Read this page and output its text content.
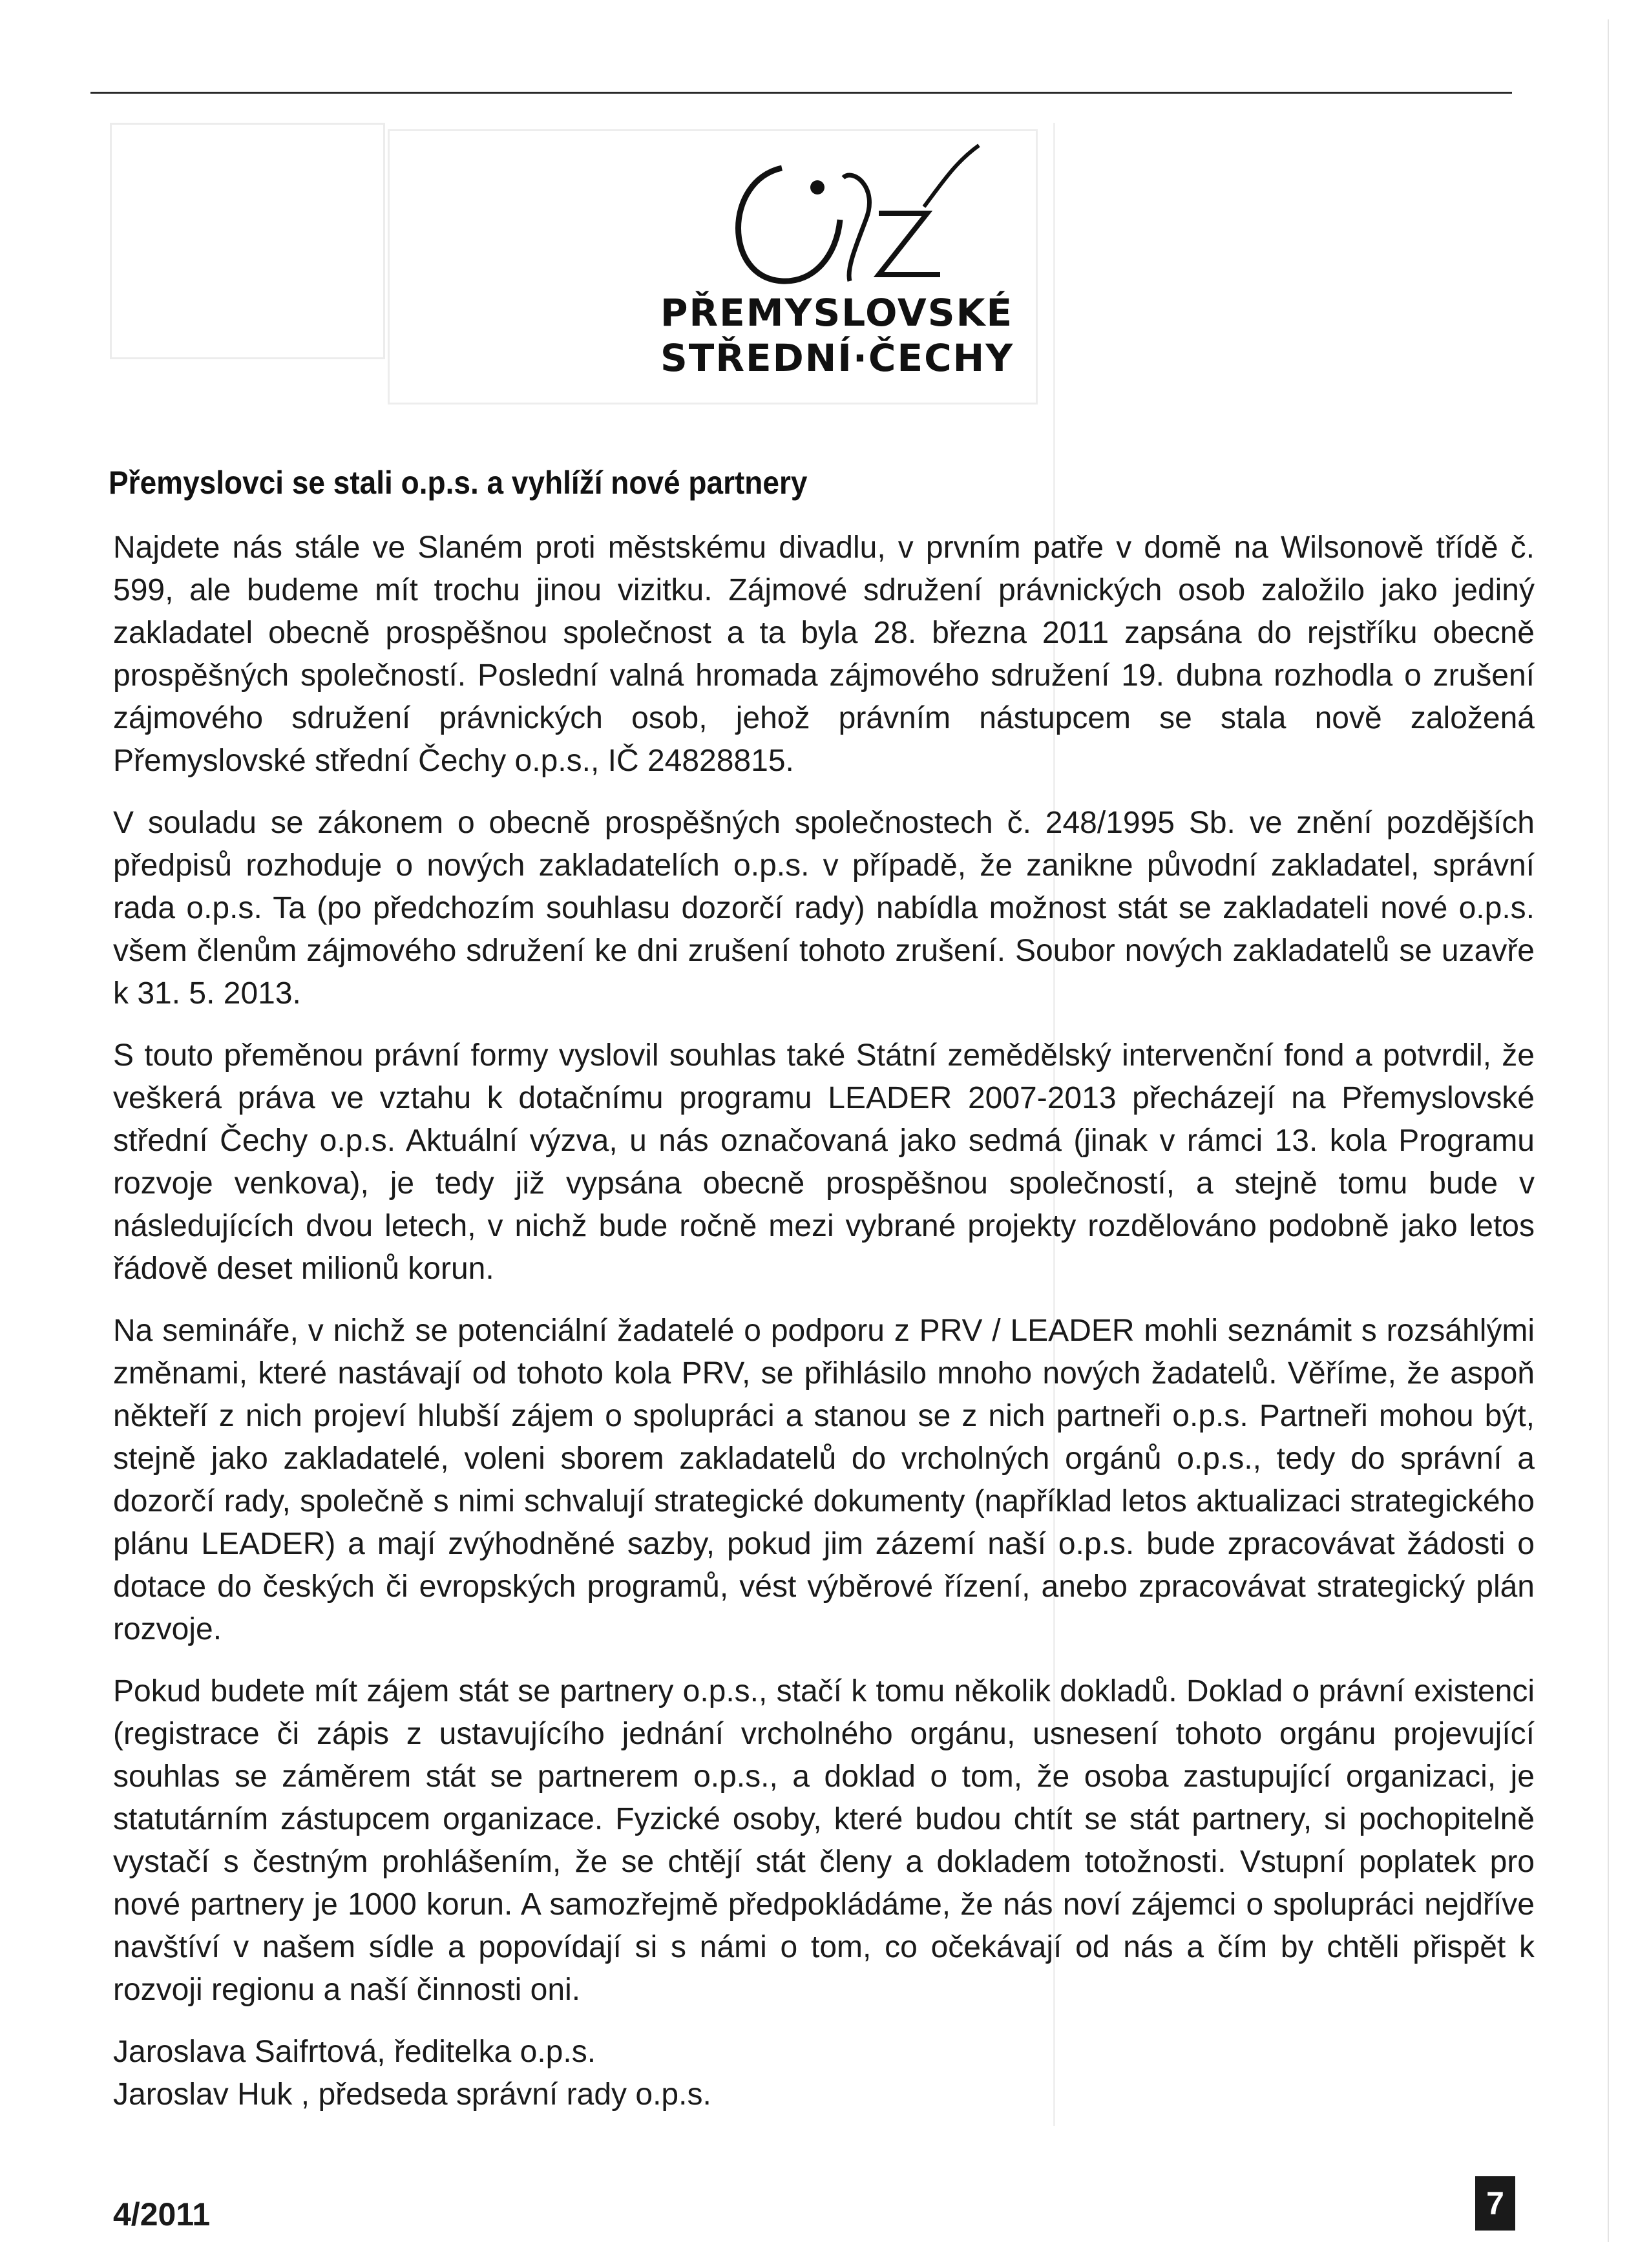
PŘEMYSLOVSKÉ
STŘEDNÍ·ČECHY
Přemyslovci se stali o.p.s. a vyhlíží nové partnery

Najdete nás stále ve Slaném proti městskému divadlu, v prvním patře v domě na Wilsonově třídě č. 599, ale budeme mít trochu jinou vizitku. Zájmové sdružení právnických osob založilo jako jediný zakladatel obecně prospěšnou společnost a ta byla 28. března 2011 zapsána do rejstříku obecně prospěšných společností. Poslední valná hromada zájmového sdružení 19. dubna rozhodla o zrušení zájmového sdružení právnických osob, jehož právním nástupcem se stala nově založená Přemyslovské střední Čechy o.p.s., IČ 24828815.

V souladu se zákonem o obecně prospěšných společnostech č. 248/1995 Sb. ve znění pozdějších předpisů rozhoduje o nových zakladatelích o.p.s. v případě, že zanikne původní zakladatel, správní rada o.p.s. Ta (po předchozím souhlasu dozorčí rady) nabídla možnost stát se zakladateli nové o.p.s. všem členům zájmového sdružení ke dni zrušení tohoto zrušení. Soubor nových zakladatelů se uzavře k 31. 5. 2013.

S touto přeměnou právní formy vyslovil souhlas také Státní zemědělský intervenční fond a potvrdil, že veškerá práva ve vztahu k dotačnímu programu LEADER 2007-2013 přecházejí na Přemyslovské střední Čechy o.p.s. Aktuální výzva, u nás označovaná jako sedmá (jinak v rámci 13. kola Programu rozvoje venkova), je tedy již vypsána obecně prospěšnou společností, a stejně tomu bude v následujících dvou letech, v nichž bude ročně mezi vybrané projekty rozdělováno podobně jako letos řádově deset milionů korun.

Na semináře, v nichž se potenciální žadatelé o podporu z PRV / LEADER mohli seznámit s rozsáhlými změnami, které nastávají od tohoto kola PRV, se přihlásilo mnoho nových žadatelů. Věříme, že aspoň někteří z nich projeví hlubší zájem o spolupráci a stanou se z nich partneři o.p.s. Partneři mohou být, stejně jako zakladatelé, voleni sborem zakladatelů do vrcholných orgánů o.p.s., tedy do správní a dozorčí rady, společně s nimi schvalují strategické dokumenty (například letos aktualizaci strategického plánu LEADER) a mají zvýhodněné sazby, pokud jim zázemí naší o.p.s. bude zpracovávat žádosti o dotace do českých či evropských programů, vést výběrové řízení, anebo zpracovávat strategický plán rozvoje.

Pokud budete mít zájem stát se partnery o.p.s., stačí k tomu několik dokladů. Doklad o právní existenci (registrace či zápis z ustavujícího jednání vrcholného orgánu, usnesení tohoto orgánu projevující souhlas se záměrem stát se partnerem o.p.s., a doklad o tom, že osoba zastupující organizaci, je statutárním zástupcem organizace. Fyzické osoby, které budou chtít se stát partnery, si pochopitelně vystačí s čestným prohlášením, že se chtějí stát členy a dokladem totožnosti. Vstupní poplatek pro nové partnery je 1000 korun. A samozřejmě předpokládáme, že nás noví zájemci o spolupráci nejdříve navštíví v našem sídle a popovídají si s námi o tom, co očekávají od nás a čím by chtěli přispět k rozvoji regionu a naší činnosti oni.

Jaroslava Saifrtová, ředitelka o.p.s.

Jaroslav Huk , předseda správní rady o.p.s.

4/2011	7
